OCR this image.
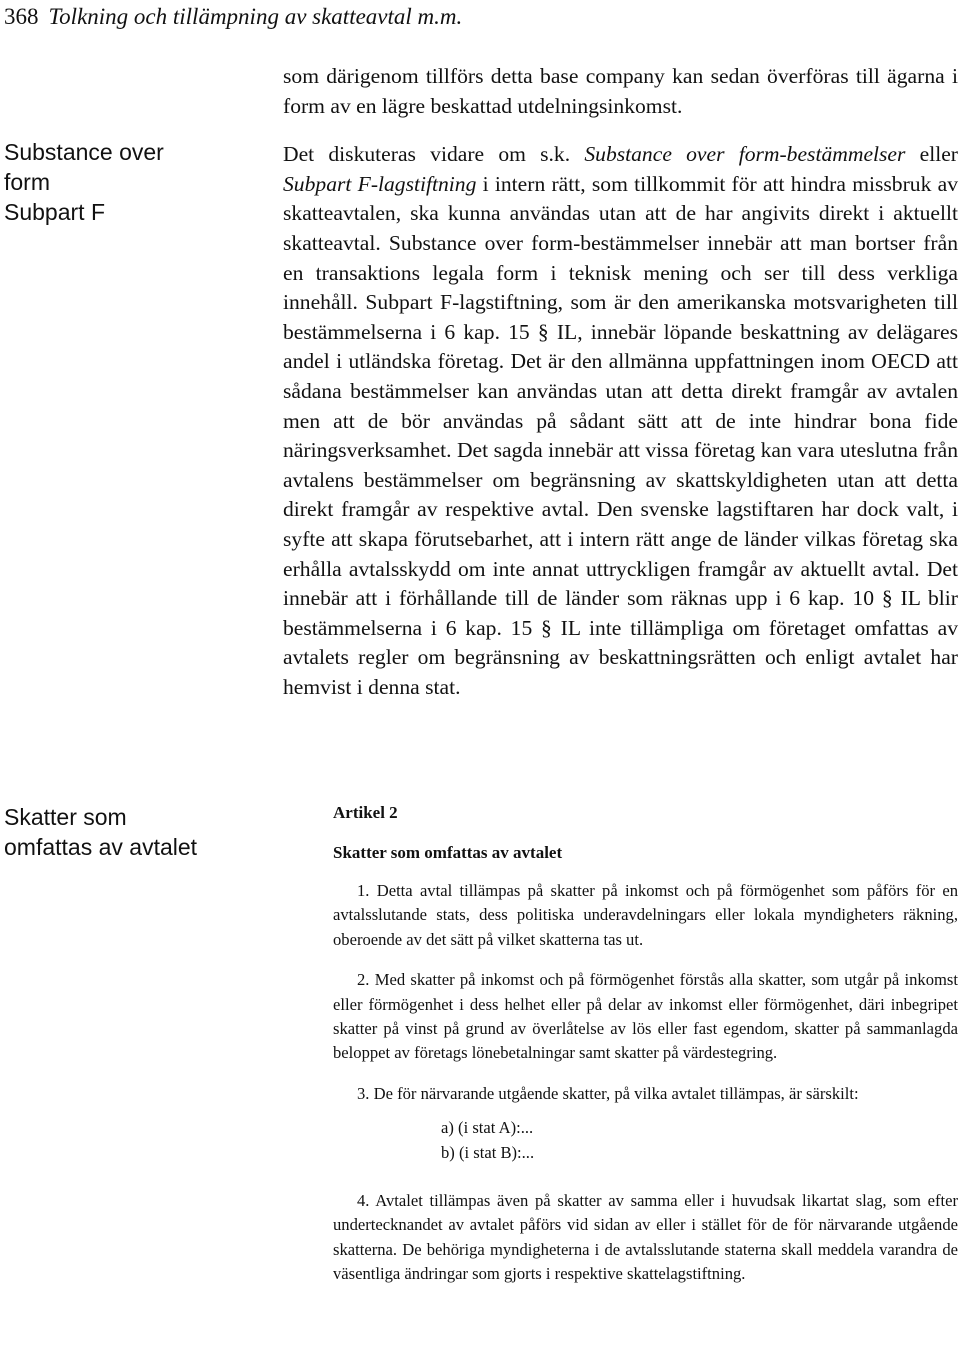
368 Tolkning och tillämpning av skatteavtal m.m.
Substance over
form
Subpart F
Skatter som
omfattas av avtalet

som därigenom tillförs detta base company kan sedan överföras till ägarna i form av en lägre beskattad utdelningsinkomst.

Det diskuteras vidare om s.k. Substance over form-bestämmelser eller Subpart F-lagstiftning i intern rätt, som tillkommit för att hindra missbruk av skatteavtalen, ska kunna användas utan att de har angivits direkt i aktuellt skatteavtal. Substance over form-bestämmelser innebär att man bortser från en transaktions legala form i teknisk mening och ser till dess verkliga innehåll. Subpart F-lagstiftning, som är den amerikanska motsvarigheten till bestämmelserna i 6 kap. 15 § IL, innebär löpande beskattning av delägares andel i utländska företag. Det är den allmänna uppfattningen inom OECD att sådana bestämmelser kan användas utan att detta direkt framgår av avtalen men att de bör användas på sådant sätt att de inte hindrar bona fide näringsverksamhet. Det sagda innebär att vissa företag kan vara uteslutna från avtalens bestämmelser om begränsning av skattskyldigheten utan att detta direkt framgår av respektive avtal. Den svenske lagstiftaren har dock valt, i syfte att skapa förutsebarhet, att i intern rätt ange de länder vilkas företag ska erhålla avtalsskydd om inte annat uttryckligen framgår av aktuellt avtal. Det innebär att i förhållande till de länder som räknas upp i 6 kap. 10 § IL blir bestämmelserna i 6 kap. 15 § IL inte tillämpliga om företaget omfattas av avtalets regler om begränsning av beskattningsrätten och enligt avtalet har hemvist i denna stat.

Artikel 2
Skatter som omfattas av avtalet

1. Detta avtal tillämpas på skatter på inkomst och på förmögenhet som påförs för en avtalsslutande stats, dess politiska underavdelningars eller lokala myndigheters räkning, oberoende av det sätt på vilket skatterna tas ut.

2. Med skatter på inkomst och på förmögenhet förstås alla skatter, som utgår på inkomst eller förmögenhet i dess helhet eller på delar av inkomst eller förmögenhet, däri inbegripet skatter på vinst på grund av överlåtelse av lös eller fast egendom, skatter på sammanlagda beloppet av företags lönebetalningar samt skatter på värdestegring.

3. De för närvarande utgående skatter, på vilka avtalet tillämpas, är särskilt:

a) (i stat A):...

b) (i stat B):...

4. Avtalet tillämpas även på skatter av samma eller i huvudsak likartat slag, som efter undertecknandet av avtalet påförs vid sidan av eller i stället för de för närvarande utgående skatterna. De behöriga myndigheterna i de avtalsslutande staterna skall meddela varandra de väsentliga ändringar som gjorts i respektive skattelagstiftning.
